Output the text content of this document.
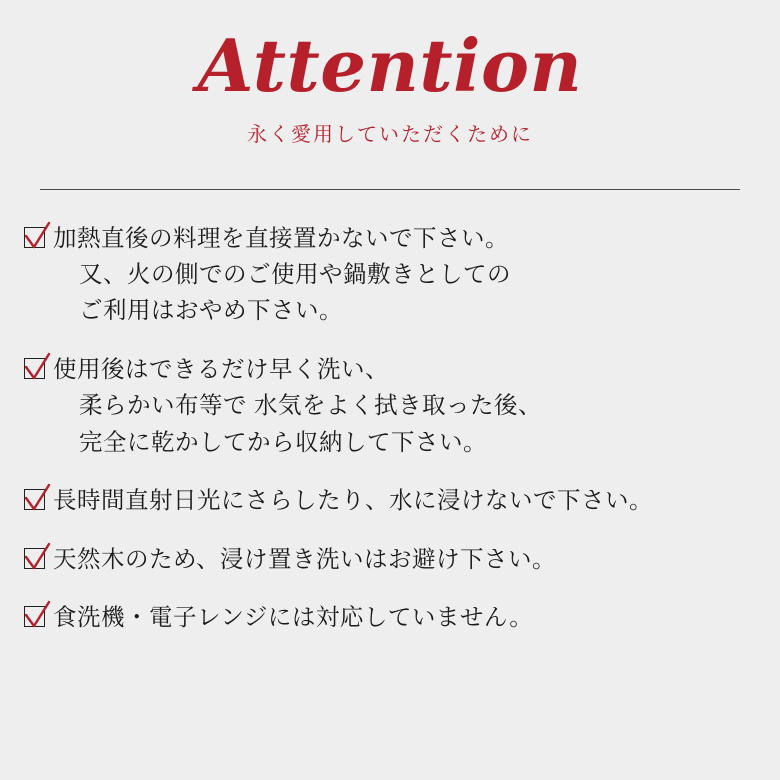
Attention
永く愛用していただくために
加熱直後の料理を直接置かないで下さい。
又、火の側でのご使用や鍋敷きとしての
ご利用はおやめ下さい。
使用後はできるだけ早く洗い、
柔らかい布等で 水気をよく拭き取った後、
完全に乾かしてから収納して下さい。
長時間直射日光にさらしたり、水に浸けないで下さい。
天然木のため、浸け置き洗いはお避け下さい。
食洗機・電子レンジには対応していません。
